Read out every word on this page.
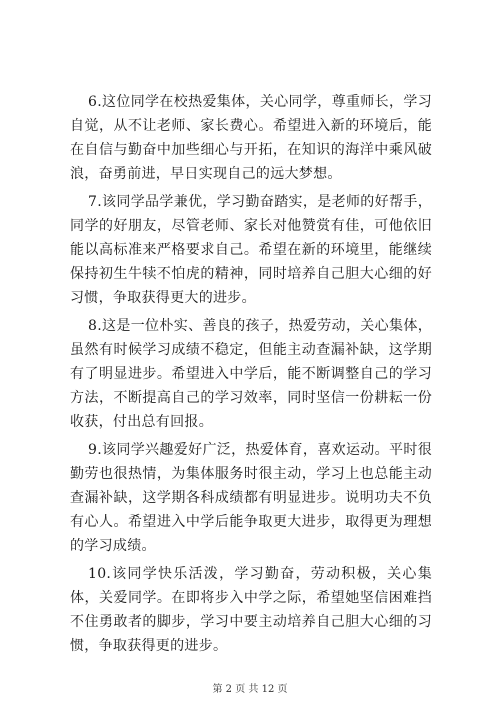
6.这位同学在校热爱集体，关心同学，尊重师长，学习自觉，从不让老师、家长费心。希望进入新的环境后，能在自信与勤奋中加些细心与开拓，在知识的海洋中乘风破浪，奋勇前进，早日实现自己的远大梦想。

7.该同学品学兼优，学习勤奋踏实，是老师的好帮手，同学的好朋友，尽管老师、家长对他赞赏有佳，可他依旧能以高标准来严格要求自己。希望在新的环境里，能继续保持初生牛犊不怕虎的精神，同时培养自己胆大心细的好习惯，争取获得更大的进步。

8.这是一位朴实、善良的孩子，热爱劳动，关心集体，虽然有时候学习成绩不稳定，但能主动查漏补缺，这学期有了明显进步。希望进入中学后，能不断调整自己的学习方法，不断提高自己的学习效率，同时坚信一份耕耘一份收获，付出总有回报。

9.该同学兴趣爱好广泛，热爱体育，喜欢运动。平时很勤劳也很热情，为集体服务时很主动，学习上也总能主动查漏补缺，这学期各科成绩都有明显进步。说明功夫不负有心人。希望进入中学后能争取更大进步，取得更为理想的学习成绩。

10.该同学快乐活泼，学习勤奋，劳动积极，关心集体，关爱同学。在即将步入中学之际，希望她坚信困难挡不住勇敢者的脚步，学习中要主动培养自己胆大心细的习惯，争取获得更的进步。

第 2 页 共 12 页
